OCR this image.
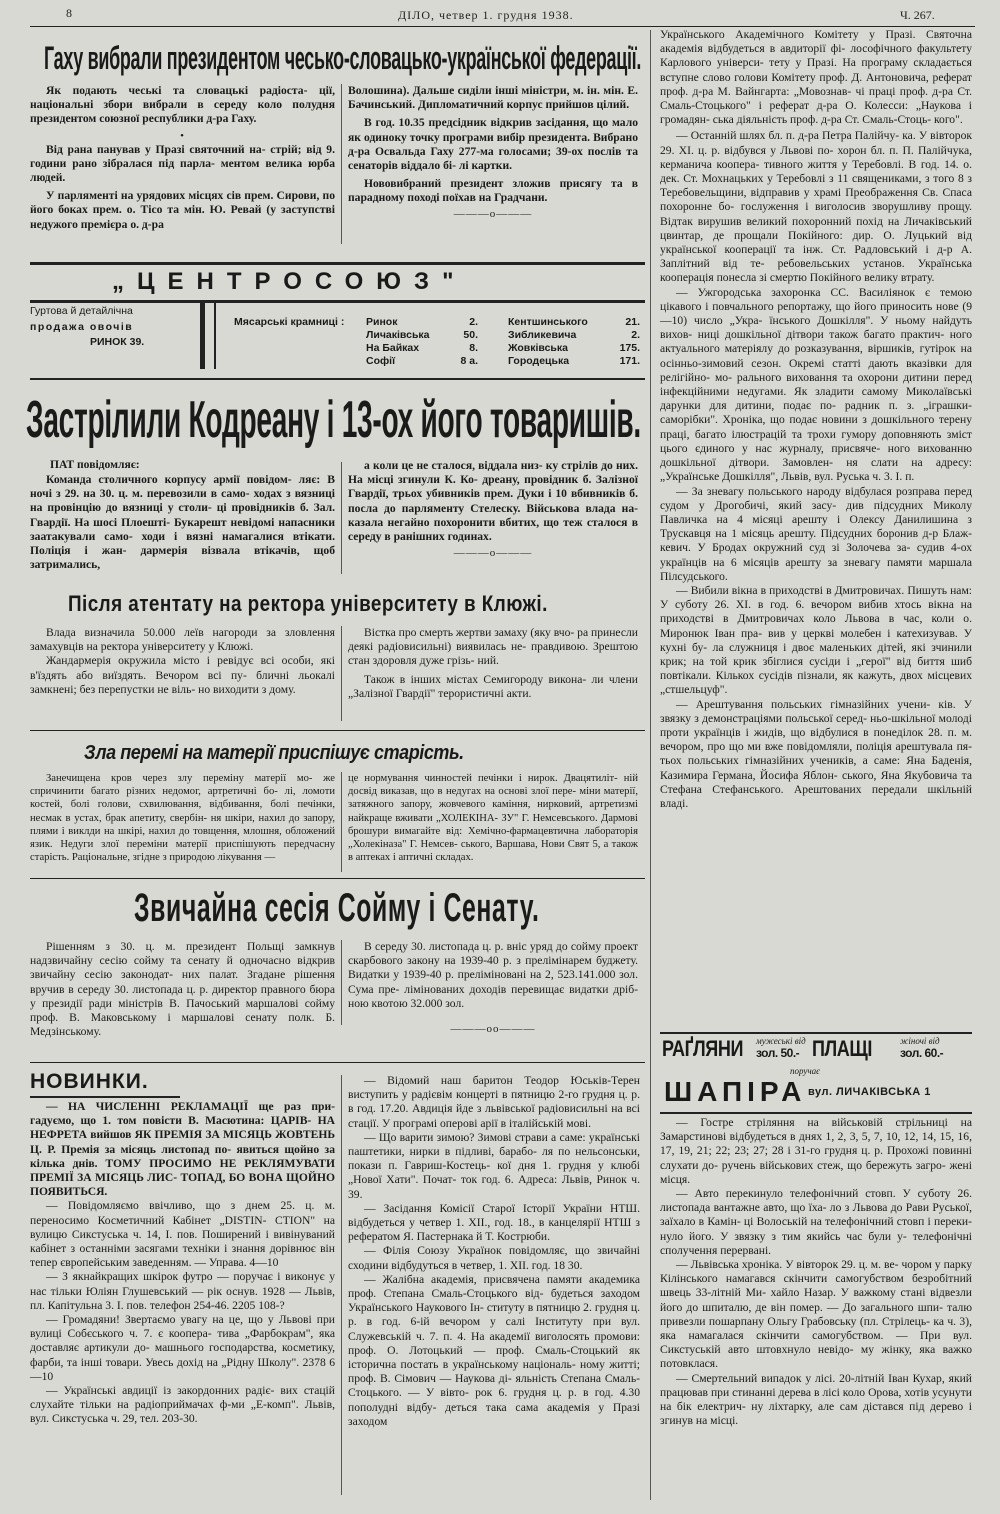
8	ДІЛО, четвер 1. грудня 1938.	Ч. 267.
Гаху вибрали президентом чесько-словацько-української федерації.

Як подають чеські та словацькі радіоста- ції, національні збори вибрали в середу коло полудня президентом союзної республики д-ра Гаху.

•

Від рана панував у Празі святочний на- стрій; від 9. години рано зібралася під парла- ментом велика юрба людей.

У парляменті на урядових місцях сів прем. Сирови, по його боках прем. о. Тісо та мін. Ю. Ревай (у заступстві недужого премієра о. д-ра

Волошина). Дальше сиділи інші міністри, м. ін. мін. Е. Бачинський. Дипломатичний корпус прийшов цілий.

В год. 10.35 предсідник відкрив засідання, що мало як одиноку точку програми вибір президента. Вибрано д-ра Освальда Гаху 277-ма голосами; 39-ох послів та сенаторів віддало бі- лі картки.

Нововибраний президент зложив присягу та в парадному поході поїхав на Градчани.

———o———

„ЦЕНТРОСОЮЗ"
Гуртова й детайлічна
продажа овочів
РИНОК 39.
Мясарські крамниці : Ринок	2.
Личаківська	50.
На Байках	8.
Софії	8 а.
Кентшинського	21.
Зибликевича	2.
Жовківська	175.
Городецька	171.
Застрілили Кодреану і 13-ох його товаришів.
ПАТ повідомляє:

Команда столичного корпусу армії повідом- ляє: В ночі з 29. на 30. ц. м. перевозили в само- ходах з вязниці на провінцію до вязниці у столи- ці провідників б. Зал. Гвардії. На шосі Плоешті- Букарешт невідомі напасники заатакували само- ходи і вязні намагалися втікати. Поліція і жан- дармерія візвала втікачів, щоб затримались,

а коли це не сталося, віддала низ- ку стрілів до них. На місці згинули К. Ко- дреану, провідник б. Залізної Гвардії, трьох убивників прем. Дуки і 10 вбивників б. посла до парляменту Стелеску. Військова влада на- казала негайно похоронити вбитих, що теж сталося в середу в ранішних годинах.

———o———

Після атентату на ректора університету в Клюжі.

Влада визначила 50.000 леїв нагороди за зловлення замахувців на ректора університету у Клюжі.

Жандармерія окружила місто і ревідує всі особи, які в'їздять або виїздять. Вечором всі пу- бличні льокалі замкнені; без перепустки не віль- но виходити з дому.

Вістка про смерть жертви замаху (яку вчо- ра принесли деякі радіовисильні) виявилась не- правдивою. Зрештою стан здоровля дуже грізь- ний.

Також в інших містах Семигороду викона- ли члени „Залізної Гвардії" терористичні акти.

Зла перемі на матерії приспішує старість.

Занечищена кров через злу переміну матерії мо- же спричинити багато різних недомог, артретичні бо- лі, ломоти костей, болі голови, схвилювання, відбивання, болі печінки, несмак в устах, брак апетиту, свербін- ня шкіри, нахил до запору, плями і виклди на шкірі, нахил до товщення, млошня, обложений язик. Недуги злої переміни матерії приспішують передчасну старість. Раціональне, згідне з природою лікування —

це нормування чинностей печінки і нирок. Двацятиліт- ній досвід виказав, що в недугах на основі злої пере- міни матерії, затяжного запору, жовчевого каміння, нирковий, артретизмі найкраще вживати „ХОЛЕКІНА- ЗУ" Г. Немсевського. Дармові брошури вимагайте від: Хемічно-фармацевтична лабораторія „Холекіназа" Г. Немсев- ського, Варшава, Нови Свят 5, а також в аптеках і аптичні складах.

Звичайна сесія Сойму і Сенату.

Рішенням з 30. ц. м. президент Польщі замкнув надзвичайну сесію сойму та сенату й одночасно відкрив звичайну сесію законодат- них палат. Згадане рішення вручив в середу 30. листопада ц. р. директор правного бюра у президії ради міністрів В. Пачоський маршалові сойму проф. В. Маковському і маршалові сенату полк. Б. Медзінському.

В середу 30. листопада ц. р. вніс уряд до сойму проект скарбового закону на 1939-40 р. з прелімінарем буджету. Видатки у 1939-40 р. преліміновані на 2, 523.141.000 зол. Сума пре- лімінованих доходів перевищає видатки дріб- ною квотою 32.000 зол.

———oo———

НОВИНКИ.

— НА ЧИСЛЕННІ РЕКЛАМАЦІЇ ще раз при- гадуємо, що 1. том повісти В. Масютина: ЦАРІВ- НА НЕФРЕТА вийшов ЯК ПРЕМІЯ ЗА МІСЯЦЬ ЖОВТЕНЬ Ц. Р. Премія за місяць листопад по- явиться щойно за кілька днів. ТОМУ ПРОСИМО НЕ РЕКЛЯМУВАТИ ПРЕМІЇ ЗА МІСЯЦЬ ЛИС- ТОПАД, БО ВОНА ЩОЙНО ПОЯВИТЬСЯ.

— Повідомляємо ввічливо, що з днем 25. ц. м. переносимо Косметичний Кабінет „DISTIN- CTION" на вулицю Сикстуська ч. 14, I. пов. Поширений і вивінуваний кабінет з останніми засягами техніки і знання дорівнює він тепер європейським заведенням. — Управа. 4—10

— З якнайкращих шкірок футро — поручає і виконує у нас тільки Юліян Глушевський — рік оснув. 1928 — Львів, пл. Капітульна 3. I. пов. телефон 254-46. 2205 108-?

— Громадяни! Звертаємо увагу на це, що у Львові при вулиці Собєського ч. 7. є коопера- тива „Фарбокрам", яка доставляє артикули до- машнього господарства, косметику, фарби, та інші товари. Увесь дохід на „Рідну Школу". 2378 6—10

— Українські авдиції із закордонних радіє- вих стацій слухайте тільки на радіоприймачах ф-ми „Е-комп". Львів, вул. Сикстуська ч. 29, тел. 203-30.

— Відомий наш баритон Теодор Юськів-Терен виступить у радієвім концерті в пятницю 2-го грудня ц. р. в год. 17.20. Авдиція йде з львівської радіовисильні на всі стації. У програмі оперові арії в італійській мові.

— Що варити зимою? Зимові страви а саме: українські паштетики, нирки в підливі, барабо- ля по нельсонськи, покази п. Гавриш-Костець- кої дня 1. грудня у клюбі „Нової Хати". Почат- ток год. 6. Адреса: Львів, Ринок ч. 39.

— Засідання Комісії Старої Історії України НТШ. відбудеться у четвер 1. XII., год. 18., в канцелярії НТШ з рефератом Я. Пастернака й Т. Кострюби.

— Філія Союзу Українок повідомляє, що звичайні сходини відбудуться в четвер, 1. XII. год. 18 30.

— Жалібна академія, присвячена памяти академика проф. Степана Смаль-Стоцького від- будеться заходом Українського Наукового Ін- ституту в пятницю 2. грудня ц. р. в год. 6-ій вечором у салі Інституту при вул. Служевській ч. 7. п. 4. На академії виголосять промови: проф. О. Лотоцький — проф. Смаль-Стоцький як історична постать в українському національ- ному житті; проф. В. Сімович — Наукова ді- яльність Степана Смаль-Стоцького. — У вівто- рок 6. грудня ц. р. в год. 4.30 пополудні відбу- деться така сама академія у Празі заходом

Українського Академічного Комітету у Празі. Святочна академія відбудеться в авдиторії фі- лософічного факультету Карлового універси- тету у Празі. На програму складається вступне слово голови Комітету проф. Д. Антоновича, реферат проф. д-ра М. Вайнгарта: „Мовознав- чі праці проф. д-ра Ст. Смаль-Стоцького" і реферат д-ра О. Колесси: „Наукова і громадян- ська діяльність проф. д-ра Ст. Смаль-Стоць- кого".

— Останній шлях бл. п. д-ра Петра Палійчу- ка. У вівторок 29. XI. ц. р. відбувся у Львові по- хорон бл. п. П. Палійчука, керманича коопера- тивного життя у Теребовлі. В год. 14. о. дек. Ст. Мохнацьких у Теребовлі з 11 священиками, з того 8 з Теребовельщини, відправив у храмі Преображення Св. Спаса похоронне бо- гослуження і виголосив зворушливу прощу. Відтак вирушив великий похоронний похід на Личаківський цвинтар, де прощали Покійного: дир. О. Луцький від української кооперації та інж. Ст. Радловський і д-р А. Заплітний від те- ребовельських установ. Українська кооперація понесла зі смертю Покійного велику втрату.

— Ужгородська захоронка СС. Василіянок є темою цікавого і повчального репортажу, що його приносить нове (9—10) число „Укра- їнського Дошкілля". У ньому найдуть вихов- ниці дошкільної дітвори також багато практич- ного актуального матеріялу до розказування, віршиків, гутірок на осінньо-зимовий сезон. Окремі статті дають вказівки для релігійно- мо- рального виховання та охорони дитини перед інфекційними недугами. Як зладити самому Миколаївські дарунки для дитини, подає по- радник п. з. „іграшки-саморібки". Хроніка, що подає новини з дошкільного терену праці, багато ілюстрацій та трохи гумору доповняють зміст цього єдиного у нас журналу, присвяче- ного вихованню дошкільної дітвори. Замовлен- ня слати на адресу: „Українське Дошкілля", Львів, вул. Руська ч. 3. I. п.

— За зневагу польського народу відбулася розправа перед судом у Дрогобичі, який засу- див підсудних Миколу Павличка на 4 місяці арешту і Олексу Данилишина з Трускавця на 1 місяць арешту. Підсудних боронив д-р Блаж- кевич. У Бродах окружний суд зі Золочева за- судив 4-ох українців на 6 місяців арешту за зневагу памяти маршала Пілсудського.

— Вибили вікна в приходстві в Дмитровичах. Пишуть нам: У суботу 26. XI. в год. 6. вечором вибив хтось вікна на приходстві в Дмитровичах коло Львова в час, коли о. Миронюк Іван пра- вив у церкві молебен і катехизував. У кухні бу- ла служниця і двоє маленьких дітей, які зчинили крик; на той крик збіглися сусіди і „герої" від биття шиб повтікали. Кількох сусідів пізнали, як кажуть, двох місцевих „стшельцуф".

— Арештування польських гімназійних учени- ків. У звязку з демонстраціями польської серед- ньо-шкільної молоді проти українців і жидів, що відбулися в понеділок 28. п. м. вечором, про що ми вже повідомляли, поліція арештувала пя- тьох польських гімназійних учеників, а саме: Яна Баденія, Казимира Германа, Йосифа Яблон- ського, Яна Якубовича та Стефана Стефанського. Арештованих передали шкільній владі.

РАҐЛЯНИ мужеські від
зол. 50.- ПЛАЩІ	жіночі від
зол. 60.-
поручає
ШАПІРА вул. ЛИЧАКІВСЬКА 1

— Гостре стріляння на військовій стрільниці на Замарстинові відбудеться в днях 1, 2, 3, 5, 7, 10, 12, 14, 15, 16, 17, 19, 21; 22; 23; 27; 28 і 31-го грудня ц. р. Прохожі повинні слухати до- ручень військових стеж, що бережуть загро- жені місця.

— Авто перекинуло телефонічний стовп. У суботу 26. листопада вантажне авто, що їха- ло з Львова до Рави Руської, заїхало в Камін- ці Волоській на телефонічний стовп і переки- нуло його. У звязку з тим якийсь час були у- телефонічні сполучення перервані.

— Львівська хроніка. У вівторок 29. ц. м. ве- чором у парку Кілінського намагався скінчити самогубством безробітний швець 33-літній Ми- хайло Назар. У важкому стані відвезли його до шпиталю, де він помер. — До загального шпи- талю привезли пошарпану Ольгу Грабовську (пл. Стрілець- ка ч. 3), яка намагалася скінчити самогубством. — При вул. Сикстуській авто штовхнуло невідо- му жінку, яка важко потовклася.

— Смертельний випадок у лісі. 20-літній Іван Кухар, який працював при стинанні дерева в лісі коло Орова, хотів усунути на бік електрич- ну ліхтарку, але сам дістався під дерево і згинув на місці.
